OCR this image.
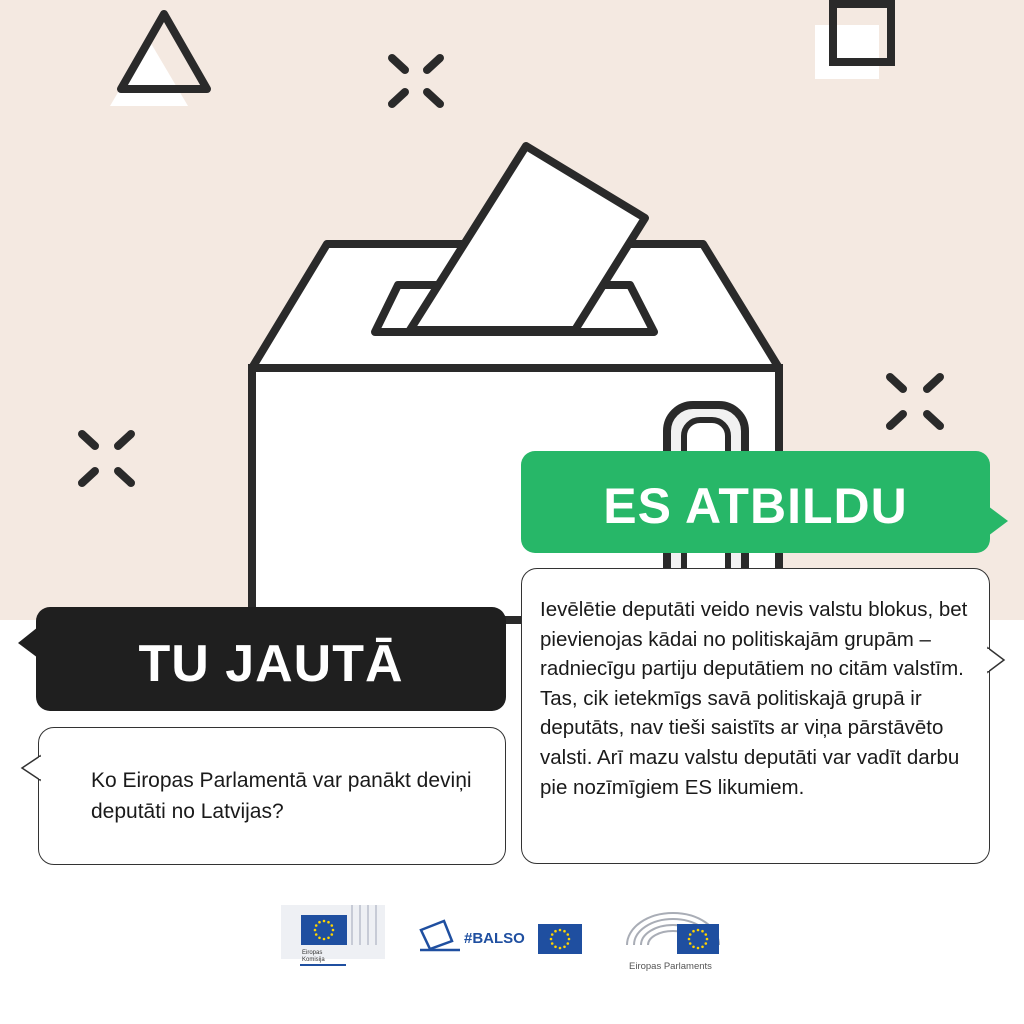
ES ATBILDU
Ievēlētie deputāti veido nevis valstu blokus, bet pievienojas kādai no politiskajām grupām – radniecīgu partiju deputātiem no citām valstīm. Tas, cik ietekmīgs savā politiskajā grupā ir deputāts, nav tieši saistīts ar viņa pārstāvēto valsti. Arī mazu valstu deputāti var vadīt darbu pie nozīmīgiem ES likumiem.
TU JAUTĀ
Ko Eiropas Parlamentā var panākt deviņi deputāti no Latvijas?
Eiropas
Komisija
#BALSO
Eiropas Parlaments
